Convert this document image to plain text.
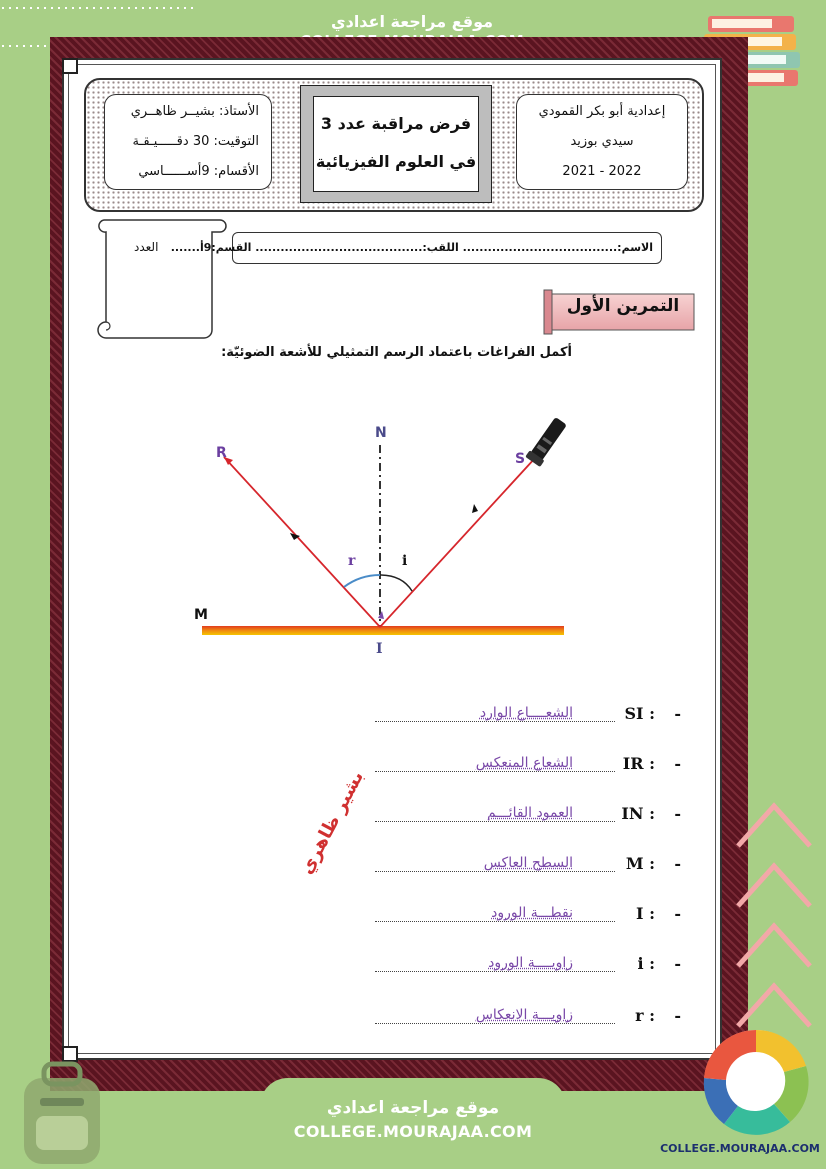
موقع مراجعة اعدادي
إعدادية أبو بكر القمودي
سيدي بوزيد
2022 - 2021
فرض مراقبة عدد 3
في العلوم الفيزيائية
الأستاذ: بشيــر ظاهــري
التوقيت: 30 دقـــــيـقـة
الأقسام: 9أســــــاسي
العدد الاسم:..................................... اللقب:........................................ القسم:9أ.......
التمرين الأول
أكمل الفراغات باعتماد الرسم التمثيلي للأشعة الضوئيّة:
R
N
S
M
I
r	i
-
SI :
الشعــــاع الوارد
-
IR :
الشعاع المنعكس
-
IN :
العمود القائـــم
-
M :
السطح العاكس
-
I :
نقطـــة الورود
-
i :
زاويــــة الورود
-
r :
زاويـــة الانعكاس
بشير ظاهري
موقع مراجعة اعدادي
COLLEGE.MOURAJAA.COM
COLLEGE.MOURAJAA.COM
